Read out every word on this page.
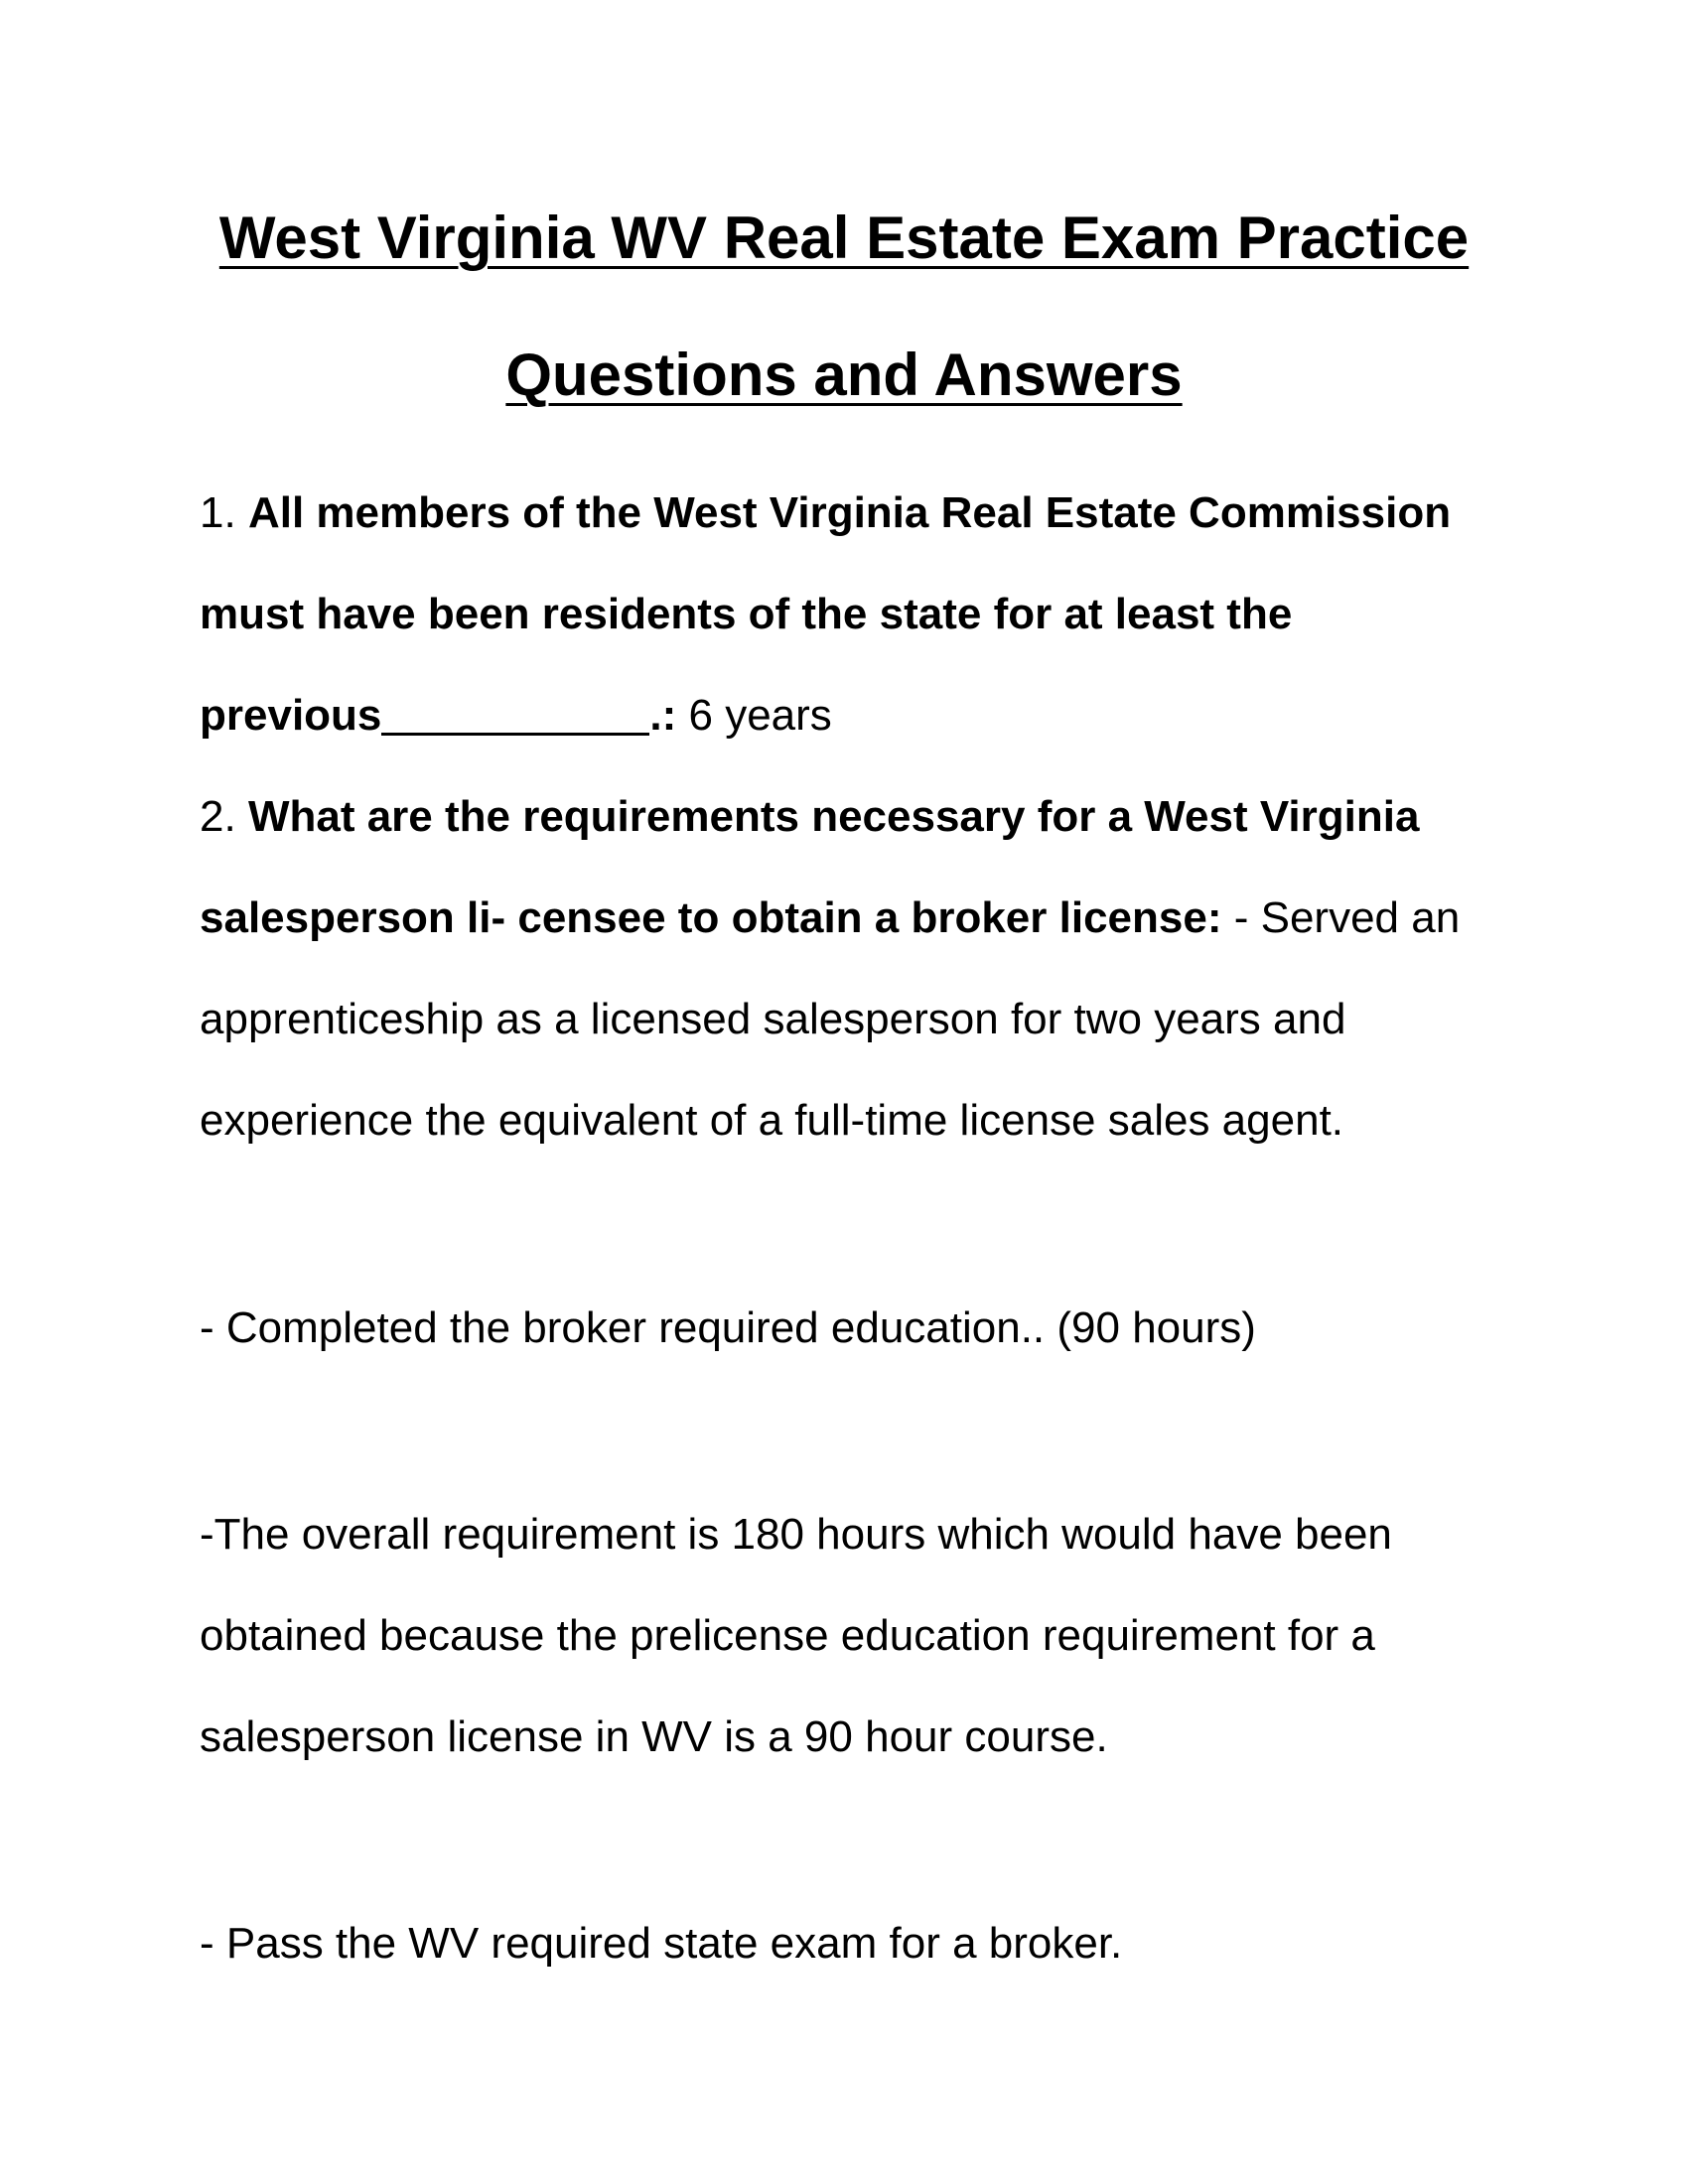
West Virginia WV Real Estate Exam Practice
Questions and Answers
1. All members of the West Virginia Real Estate Commission
must have been residents of the state for at least the
previous	.: 6 years
2. What are the requirements necessary for a West Virginia
salesperson li- censee to obtain a broker license: - Served an
apprenticeship as a licensed salesperson for two years and
experience the equivalent of a full-time license sales agent.
- Completed the broker required education.. (90 hours)
-The overall requirement is 180 hours which would have been
obtained because the prelicense education requirement for a
salesperson license in WV is a 90 hour course.
- Pass the WV required state exam for a broker.
